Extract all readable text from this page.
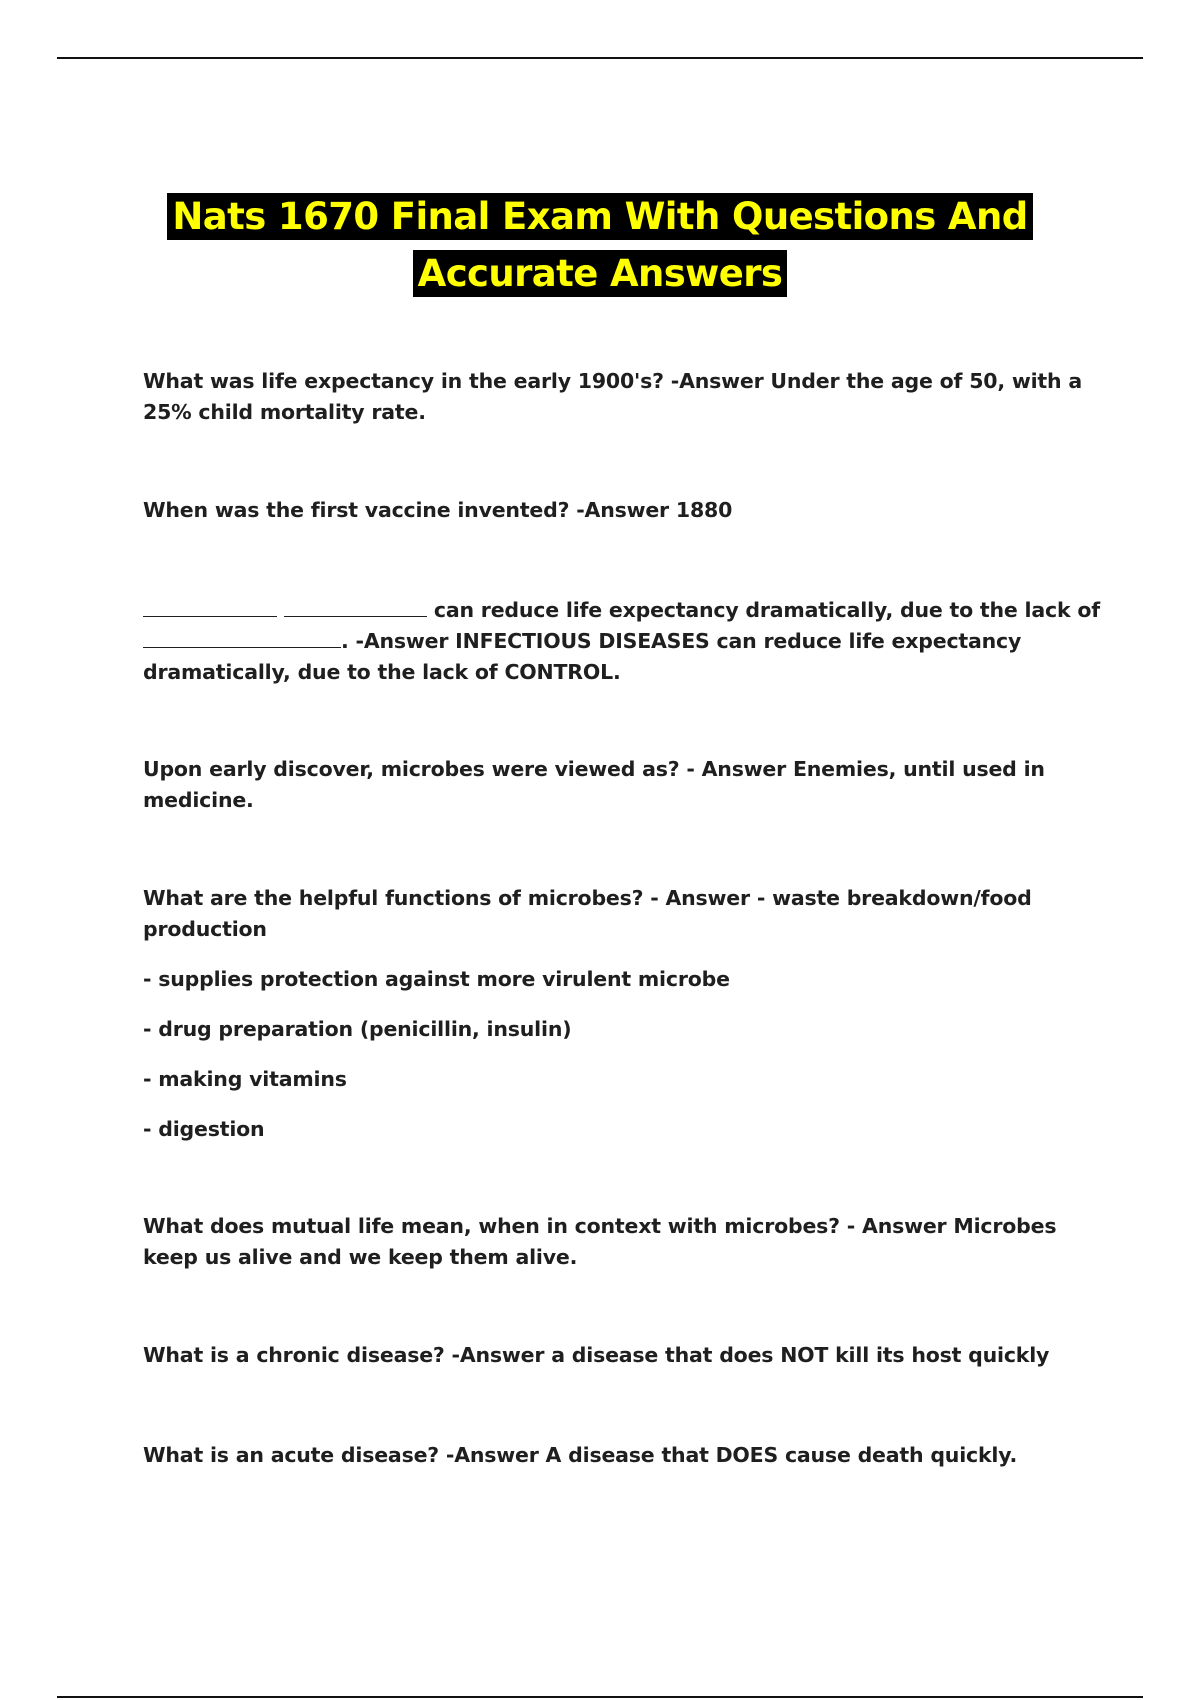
Nats 1670 Final Exam With Questions And
Accurate Answers

What was life expectancy in the early 1900's? -Answer Under the age of 50, with a 25% child mortality rate.

When was the first vaccine invented? -Answer 1880

can reduce life expectancy dramatically, due to the lack of
. -Answer INFECTIOUS DISEASES can reduce life expectancy dramatically, due to the lack of CONTROL.

Upon early discover, microbes were viewed as? - Answer Enemies, until used in medicine.

What are the helpful functions of microbes? - Answer - waste breakdown/food production

- supplies protection against more virulent microbe

- drug preparation (penicillin, insulin)

- making vitamins

- digestion

What does mutual life mean, when in context with microbes? - Answer Microbes keep us alive and we keep them alive.

What is a chronic disease? -Answer a disease that does NOT kill its host quickly

What is an acute disease? -Answer A disease that DOES cause death quickly.
